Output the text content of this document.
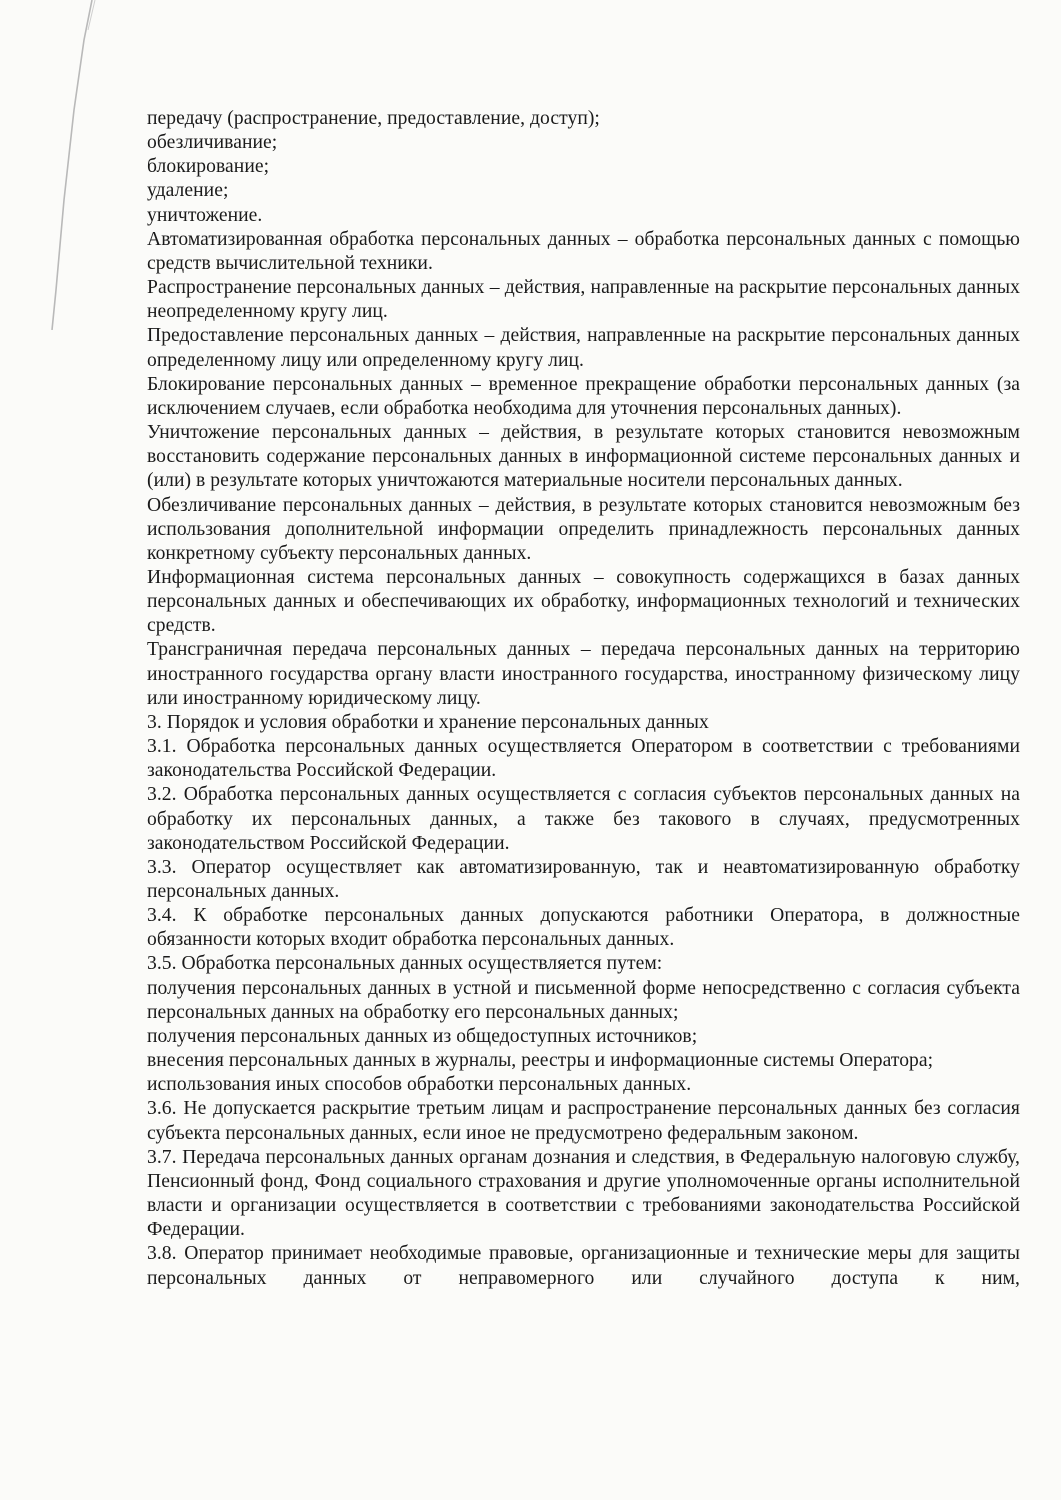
передачу (распространение, предоставление, доступ);

обезличивание;

блокирование;

удаление;

уничтожение.

Автоматизированная обработка персональных данных – обработка персональных данных с помощью средств вычислительной техники.

Распространение персональных данных – действия, направленные на раскрытие персональных данных неопределенному кругу лиц.

Предоставление персональных данных – действия, направленные на раскрытие персональных данных определенному лицу или определенному кругу лиц.

Блокирование персональных данных – временное прекращение обработки персональных данных (за исключением случаев, если обработка необходима для уточнения персональных данных).

Уничтожение персональных данных – действия, в результате которых становится невозможным восстановить содержание персональных данных в информационной системе персональных данных и (или) в результате которых уничтожаются материальные носители персональных данных.

Обезличивание персональных данных – действия, в результате которых становится невозможным без использования дополнительной информации определить принадлежность персональных данных конкретному субъекту персональных данных.

Информационная система персональных данных – совокупность содержащихся в базах данных персональных данных и обеспечивающих их обработку, информационных технологий и технических средств.

Трансграничная передача персональных данных – передача персональных данных на территорию иностранного государства органу власти иностранного государства, иностранному физическому лицу или иностранному юридическому лицу.

3. Порядок и условия обработки и хранение персональных данных

3.1. Обработка персональных данных осуществляется Оператором в соответствии с требованиями законодательства Российской Федерации.

3.2. Обработка персональных данных осуществляется с согласия субъектов персональных данных на обработку их персональных данных, а также без такового в случаях, предусмотренных законодательством Российской Федерации.

3.3. Оператор осуществляет как автоматизированную, так и неавтоматизированную обработку персональных данных.

3.4. К обработке персональных данных допускаются работники Оператора, в должностные обязанности которых входит обработка персональных данных.

3.5. Обработка персональных данных осуществляется путем:

получения персональных данных в устной и письменной форме непосредственно с согласия субъекта персональных данных на обработку его персональных данных;

получения персональных данных из общедоступных источников;

внесения персональных данных в журналы, реестры и информационные системы Оператора;

использования иных способов обработки персональных данных.

3.6. Не допускается раскрытие третьим лицам и распространение персональных данных без согласия субъекта персональных данных, если иное не предусмотрено федеральным законом.

3.7. Передача персональных данных органам дознания и следствия, в Федеральную налоговую службу, Пенсионный фонд, Фонд социального страхования и другие уполномоченные органы исполнительной власти и организации осуществляется в соответствии с требованиями законодательства Российской Федерации.

3.8. Оператор принимает необходимые правовые, организационные и технические меры для защиты персональных данных от неправомерного или случайного доступа к ним,
